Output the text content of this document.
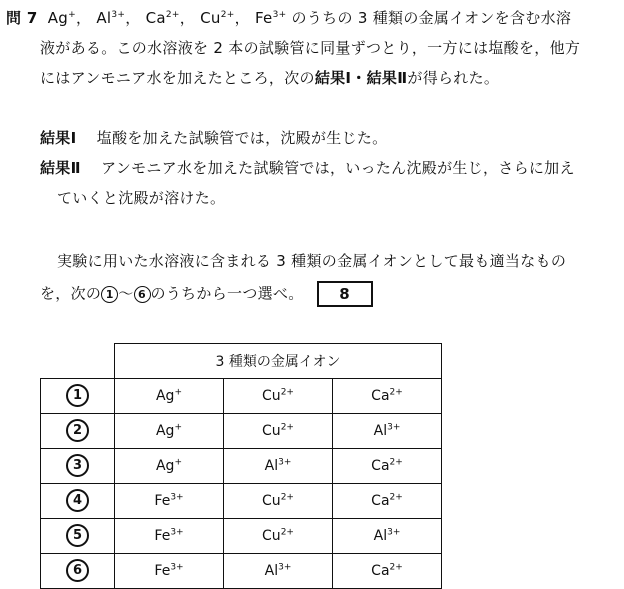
問 7 Ag+， $Al^{3+}$， $Ca^{2+}$， $Cu^{2+}$， $Fe^{3+}$ のうちの 3 種類の金属イオンを含む水溶
液がある。この水溶液を 2 本の試験管に同量ずつとり，一方には塩酸を，他方
にはアンモニア水を加えたところ，次の結果Ⅰ・結果Ⅱが得られた。
結果Ⅰ 塩酸を加えた試験管では，沈殿が生じた。
結果Ⅱ アンモニア水を加えた試験管では，いったん沈殿が生じ，さらに加え
ていくと沈殿が溶けた。
実験に用いた水溶液に含まれる 3 種類の金属イオンとして最も適当なもの
を，次の 1 ～ 6 のうちから一つ選べ。 8
	3 種類の金属イオン		
1	Ag+	$Cu^{2+}$	$Ca^{2+}$
2	Ag+	$Cu^{2+}$	$Al^{3+}$
3	Ag+	$Al^{3+}$	$Ca^{2+}$
4	$Fe^{3+}$	$Cu^{2+}$	$Ca^{2+}$
5	$Fe^{3+}$	$Cu^{2+}$	$Al^{3+}$
6	$Fe^{3+}$	$Al^{3+}$	$Ca^{2+}$
